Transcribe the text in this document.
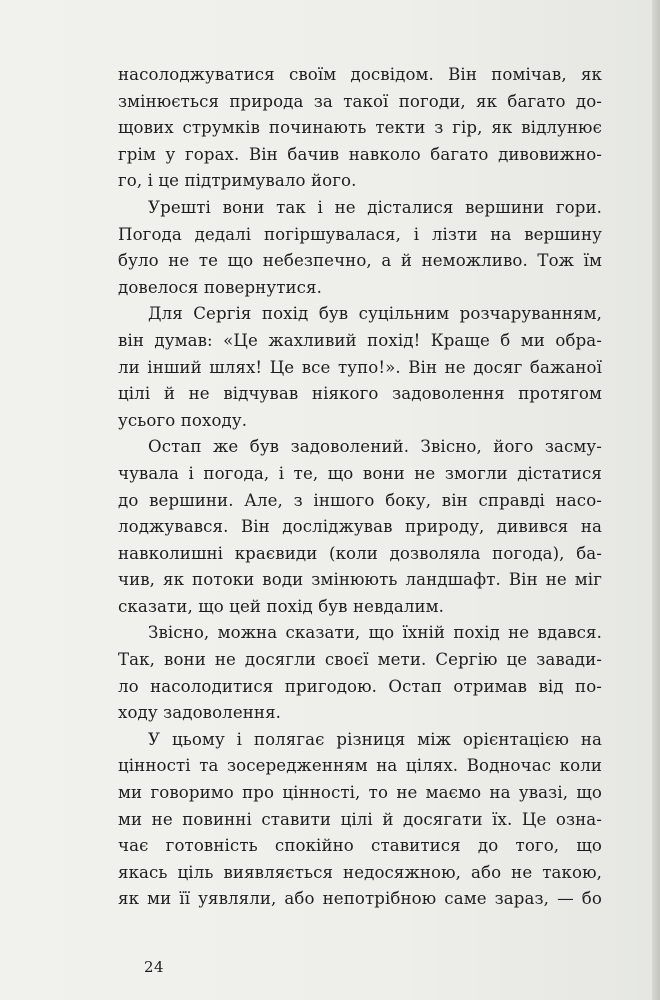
насолоджуватися своїм досвідом. Він помічав, як
змінюється природа за такої погоди, як багато до-
щових струмків починають текти з гір, як відлунює
грім у горах. Він бачив навколо багато дивовижно-
го, і це підтримувало його.
Урешті вони так і не дісталися вершини гори.
Погода дедалі погіршувалася, і лізти на вершину
було не те що небезпечно, а й неможливо. Тож їм
довелося повернутися.
Для Сергія похід був суцільним розчаруванням,
він думав: «Це жахливий похід! Краще б ми обра-
ли інший шлях! Це все тупо!». Він не досяг бажаної
цілі й не відчував ніякого задоволення протягом
усього походу.
Остап же був задоволений. Звісно, його засму-
чувала і погода, і те, що вони не змогли дістатися
до вершини. Але, з іншого боку, він справді насо-
лоджувався. Він досліджував природу, дивився на
навколишні краєвиди (коли дозволяла погода), ба-
чив, як потоки води змінюють ландшафт. Він не міг
сказати, що цей похід був невдалим.
Звісно, можна сказати, що їхній похід не вдався.
Так, вони не досягли своєї мети. Сергію це завади-
ло насолодитися пригодою. Остап отримав від по-
ходу задоволення.
У цьому і полягає різниця між орієнтацією на
цінності та зосередженням на цілях. Водночас коли
ми говоримо про цінності, то не маємо на увазі, що
ми не повинні ставити цілі й досягати їх. Це озна-
чає готовність спокійно ставитися до того, що
якась ціль виявляється недосяжною, або не такою,
як ми її уявляли, або непотрібною саме зараз, — бо
24
